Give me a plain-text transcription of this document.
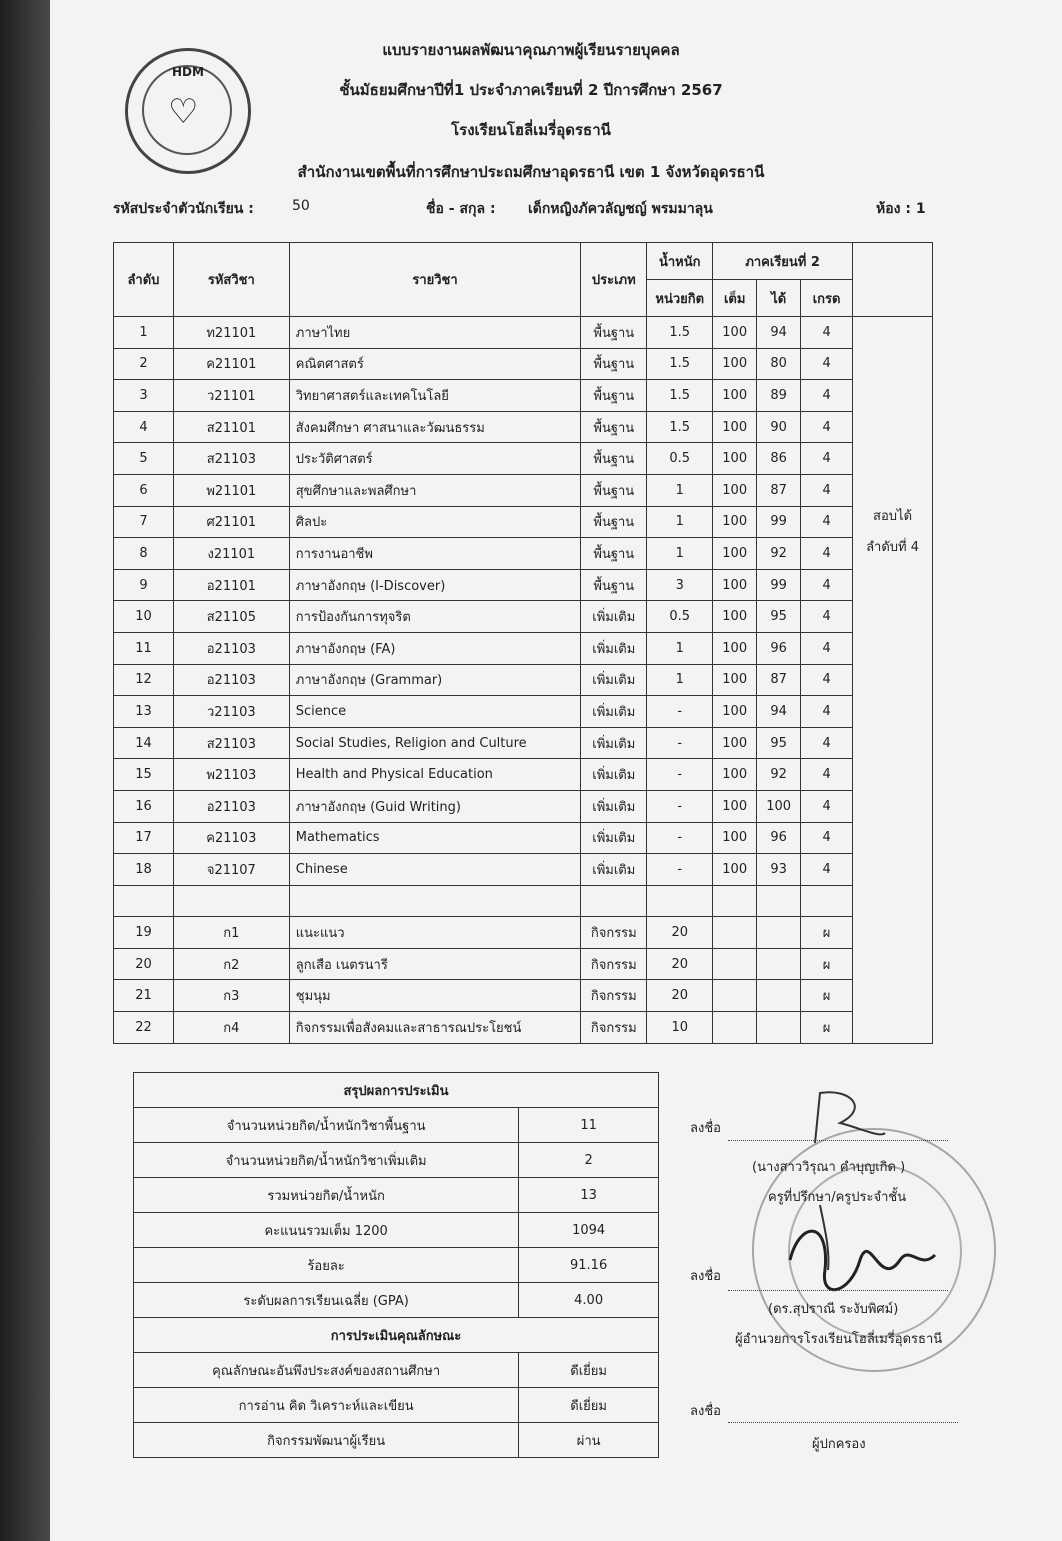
HDM
♡
แบบรายงานผลพัฒนาคุณภาพผู้เรียนรายบุคคล
ชั้นมัธยมศึกษาปีที่1 ประจำภาคเรียนที่ 2 ปีการศึกษา 2567
โรงเรียนโฮลี่เมรี่อุดรธานี
สำนักงานเขตพื้นที่การศึกษาประถมศึกษาอุดรธานี เขต 1 จังหวัดอุดรธานี
รหัสประจำตัวนักเรียน :	50	ชื่อ - สกุล : เด็กหญิงภัควลัญชญ์ พรมมาลุน	ห้อง : 1
ลำดับ	รหัสวิชา	รายวิชา	ประเภท	น้ำหนัก	ภาคเรียนที่ 2			
				หน่วยกิต	เต็ม	ได้	เกรด	
1	ท21101	ภาษาไทย	พื้นฐาน	1.5	100	94	4	สอบได้
ลำดับที่ 4

2	ค21101	คณิตศาสตร์	พื้นฐาน	1.5	100	80	4	
3	ว21101	วิทยาศาสตร์และเทคโนโลยี	พื้นฐาน	1.5	100	89	4	
4	ส21101	สังคมศึกษา ศาสนาและวัฒนธรรม	พื้นฐาน	1.5	100	90	4	
5	ส21103	ประวัติศาสตร์	พื้นฐาน	0.5	100	86	4	
6	พ21101	สุขศึกษาและพลศึกษา	พื้นฐาน	1	100	87	4	
7	ศ21101	ศิลปะ	พื้นฐาน	1	100	99	4	
8	ง21101	การงานอาชีพ	พื้นฐาน	1	100	92	4	
9	อ21101	ภาษาอังกฤษ (I-Discover)	พื้นฐาน	3	100	99	4	
10	ส21105	การป้องกันการทุจริต	เพิ่มเติม	0.5	100	95	4	
11	อ21103	ภาษาอังกฤษ (FA)	เพิ่มเติม	1	100	96	4	
12	อ21103	ภาษาอังกฤษ (Grammar)	เพิ่มเติม	1	100	87	4	
13	ว21103	Science	เพิ่มเติม	-	100	94	4	
14	ส21103	Social Studies, Religion and Culture	เพิ่มเติม	-	100	95	4	
15	พ21103	Health and Physical Education	เพิ่มเติม	-	100	92	4	
16	อ21103	ภาษาอังกฤษ (Guid Writing)	เพิ่มเติม	-	100	100	4	
17	ค21103	Mathematics	เพิ่มเติม	-	100	96	4	
18	จ21107	Chinese	เพิ่มเติม	-	100	93	4	

19	ก1	แนะแนว	กิจกรรม	20			ผ	
20	ก2	ลูกเสือ เนตรนารี	กิจกรรม	20			ผ	
21	ก3	ชุมนุม	กิจกรรม	20			ผ	
22	ก4	กิจกรรมเพื่อสังคมและสาธารณประโยชน์	กิจกรรม	10			ผ	
สรุปผลการประเมิน	
จำนวนหน่วยกิต/น้ำหนักวิชาพื้นฐาน	11
จำนวนหน่วยกิต/น้ำหนักวิชาเพิ่มเติม	2
รวมหน่วยกิต/น้ำหนัก	13
คะแนนรวมเต็ม 1200	1094
ร้อยละ	91.16
ระดับผลการเรียนเฉลี่ย (GPA)	4.00
การประเมินคุณลักษณะ	
คุณลักษณะอันพึงประสงค์ของสถานศึกษา	ดีเยี่ยม
การอ่าน คิด วิเคราะห์และเขียน	ดีเยี่ยม
กิจกรรมพัฒนาผู้เรียน	ผ่าน
ลงชื่อ
(นางสาววิรุณา คำบุญเกิด )
ครูที่ปรึกษา/ครูประจำชั้น
ลงชื่อ
(ดร.สุปราณี ระงับพิศม์)
ผู้อำนวยการโรงเรียนโฮลี่เมรี่อุดรธานี
ลงชื่อ
ผู้ปกครอง
